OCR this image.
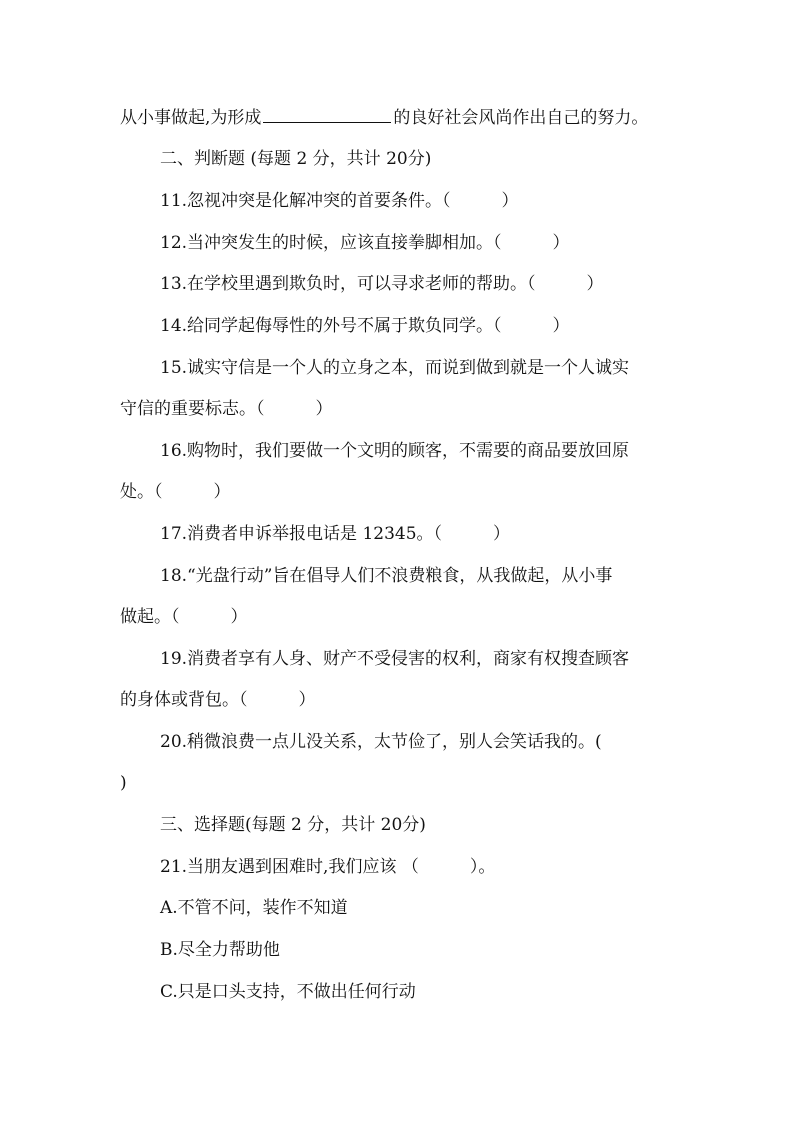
从小事做起,为形成	的良好社会风尚作出自己的努力。
二、判断题 (每题 2 分，共计 20分)
11.忽视冲突是化解冲突的首要条件。（　　　）
12.当冲突发生的时候，应该直接拳脚相加。（　　　）
13.在学校里遇到欺负时，可以寻求老师的帮助。（　　　）
14.给同学起侮辱性的外号不属于欺负同学。（　　　）
15.诚实守信是一个人的立身之本，而说到做到就是一个人诚实
守信的重要标志。（　　　）
16.购物时，我们要做一个文明的顾客，不需要的商品要放回原
处。（　　　）
17.消费者申诉举报电话是 12345。（　　　）
18.“光盘行动”旨在倡导人们不浪费粮食，从我做起，从小事
做起。（　　　）
19.消费者享有人身、财产不受侵害的权利，商家有权搜查顾客
的身体或背包。（　　　）
20.稍微浪费一点儿没关系，太节俭了，别人会笑话我的。(
)
三、选择题(每题 2 分，共计 20分)
21.当朋友遇到困难时,我们应该 （　　　）。
A.不管不问，装作不知道
B.尽全力帮助他
C.只是口头支持，不做出任何行动
